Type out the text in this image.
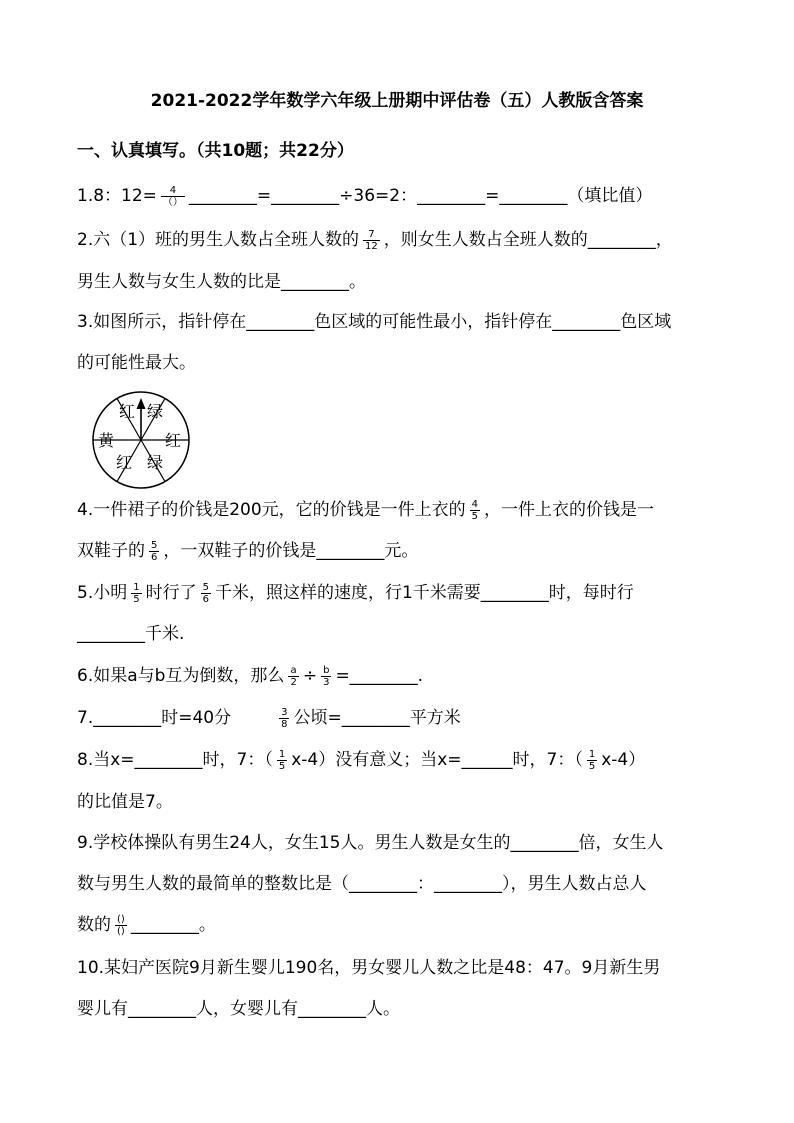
2021-2022学年数学六年级上册期中评估卷（五）人教版含答案
一、认真填写。（共10题；共22分）
1.8：$12= \frac{4}{()}$ ________=________÷36=2：________=________（填比值）
2.六（1）班的男生人数占全班人数的 $\frac{7}{12}$ ，则女生人数占全班人数的________，
男生人数与女生人数的比是________。
3.如图所示，指针停在________色区域的可能性最小，指针停在________色区域
的可能性最大。
红 绿
黄	红
红 绿
4.一件裙子的价钱是200元，它的价钱是一件上衣的 $\frac{4}{5}$ ，一件上衣的价钱是一
双鞋子的 $\frac{5}{6}$ ，一双鞋子的价钱是________元。
5.小明 $\frac{1}{5}$ 时行了 $\frac{5}{6}$ 千米，照这样的速度，行1千米需要________时，每时行
________千米.
6.如果a与b互为倒数，那么 $\frac{a}{2} \div \frac{b}{3}$ =________.
7.________时=40分	$\frac{3}{8}$ 公顷=________平方米
8.当x=________时，7：（ $\frac{1}{5} x-4$）没有意义；当x=______时，7：（ $\frac{1}{5} x-4$）
的比值是7。
9.学校体操队有男生24人，女生15人。男生人数是女生的________倍，女生人
数与男生人数的最简单的整数比是（________：________），男生人数占总人
数的 $\frac{()}{()}$ ________。
10.某妇产医院9月新生婴儿190名，男女婴儿人数之比是48：47。9月新生男
婴儿有________人，女婴儿有________人。
